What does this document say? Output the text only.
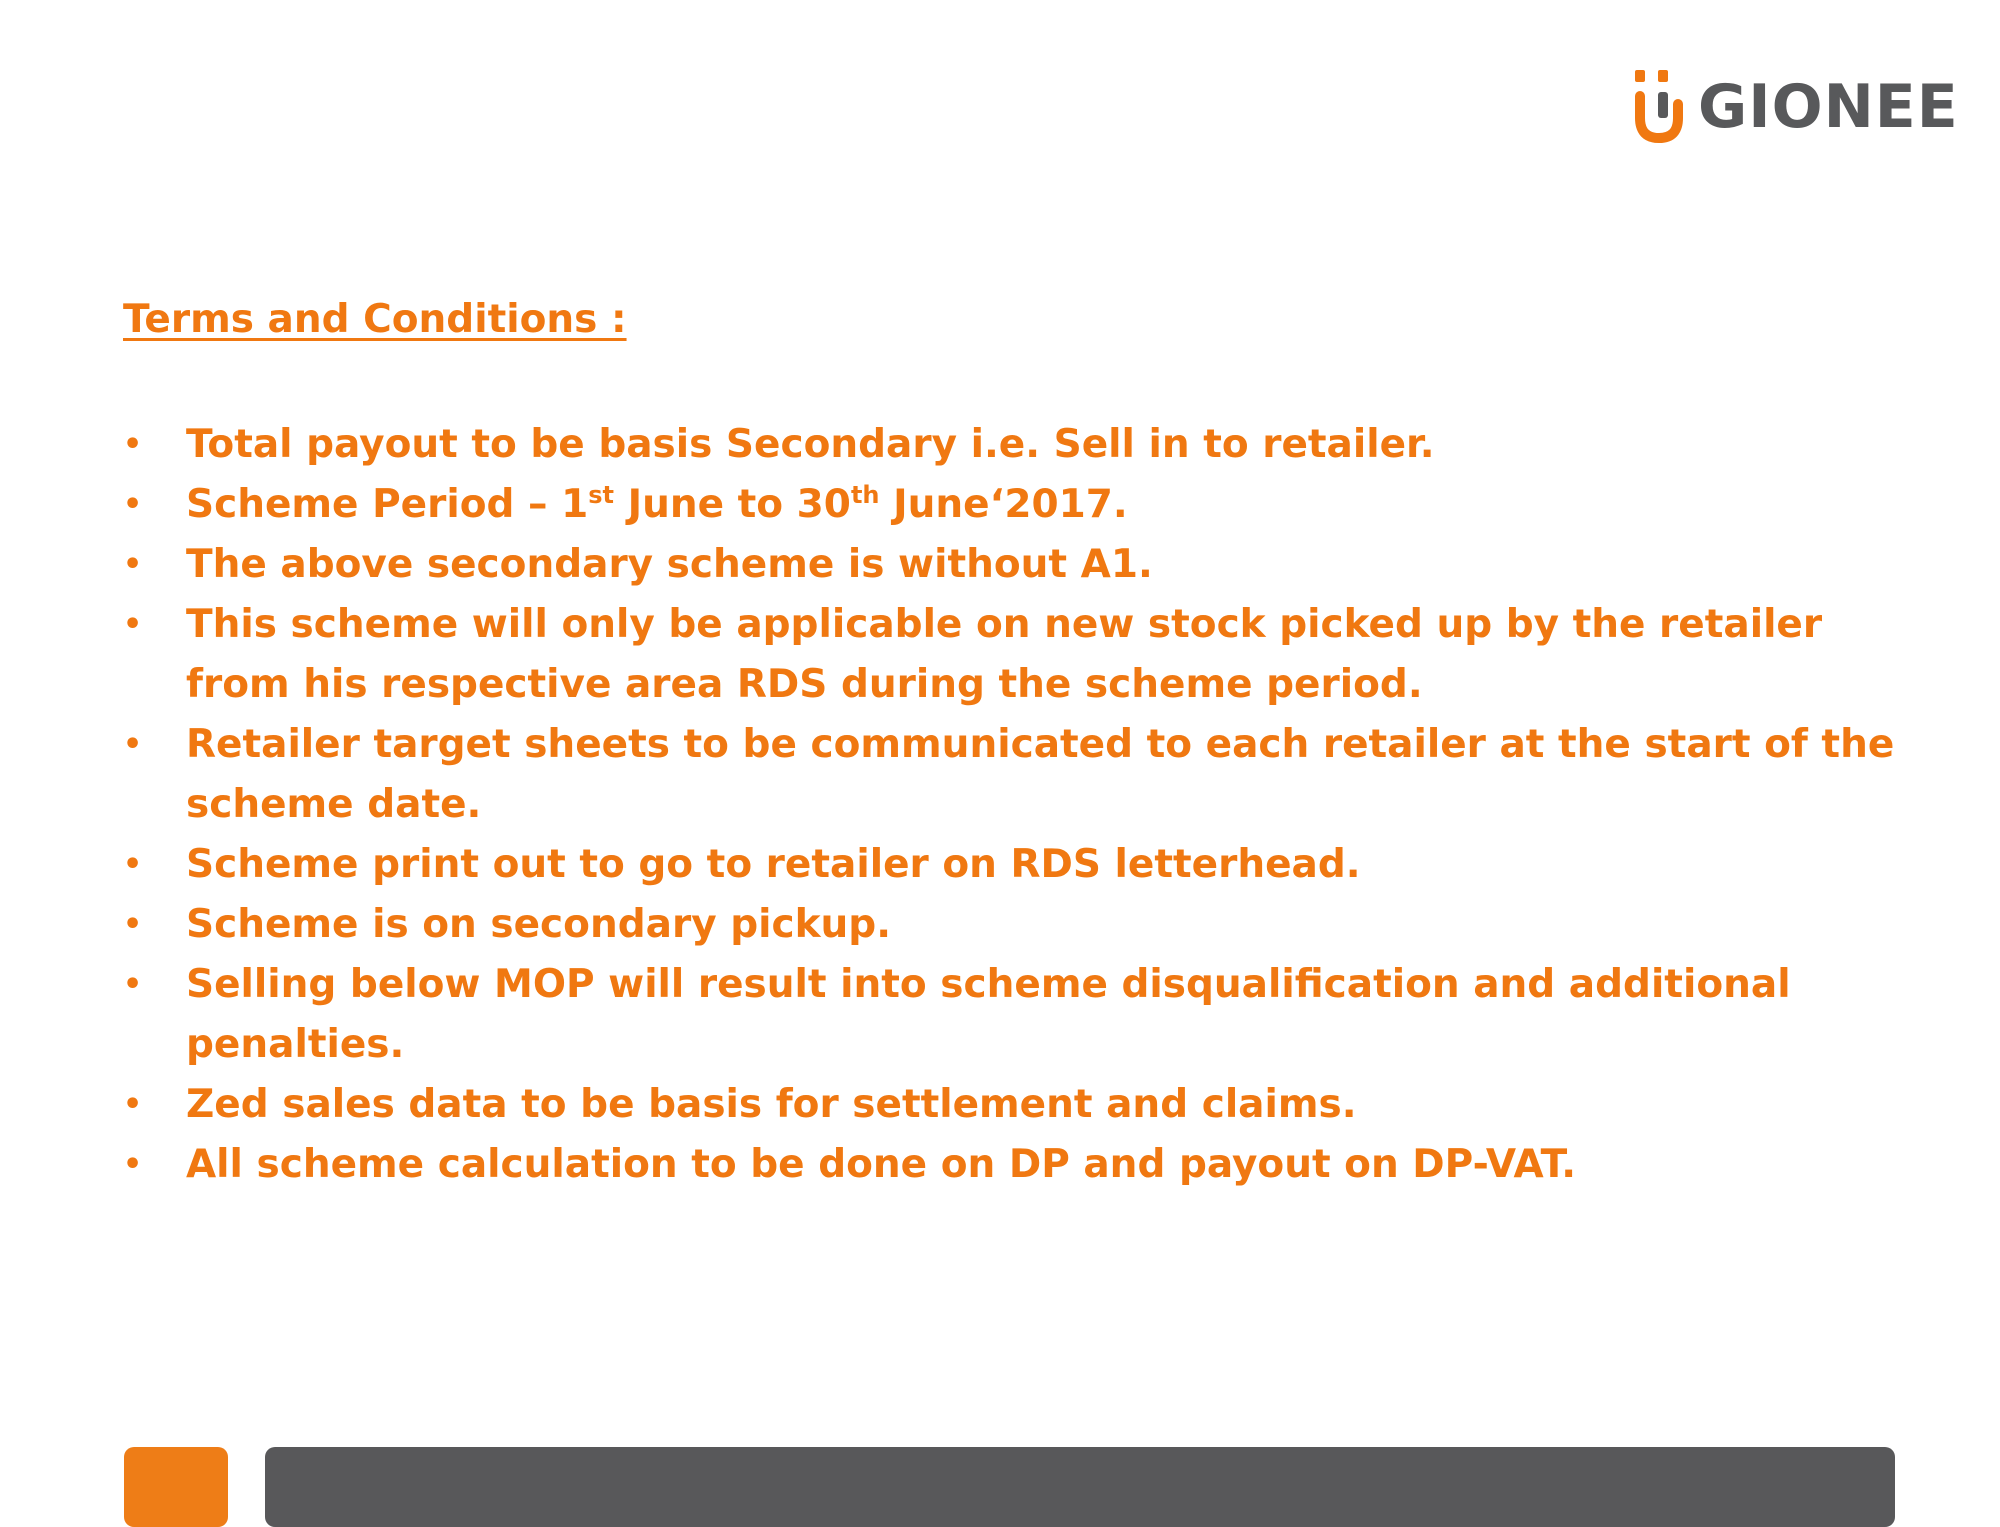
GIONEE
Terms and Conditions :
• Total payout to be basis Secondary i.e. Sell in to retailer.
• Scheme Period – 1st June to 30th June‘2017.
• The above secondary scheme is without A1.
• This scheme will only be applicable on new stock picked up by the retailer from his respective area RDS during the scheme period.
• Retailer target sheets to be communicated to each retailer at the start of the scheme date.
• Scheme print out to go to retailer on RDS letterhead.
• Scheme is on secondary pickup.
• Selling below MOP will result into scheme disqualification and additional penalties.
• Zed sales data to be basis for settlement and claims.
• All scheme calculation to be done on DP and payout on DP-VAT.
